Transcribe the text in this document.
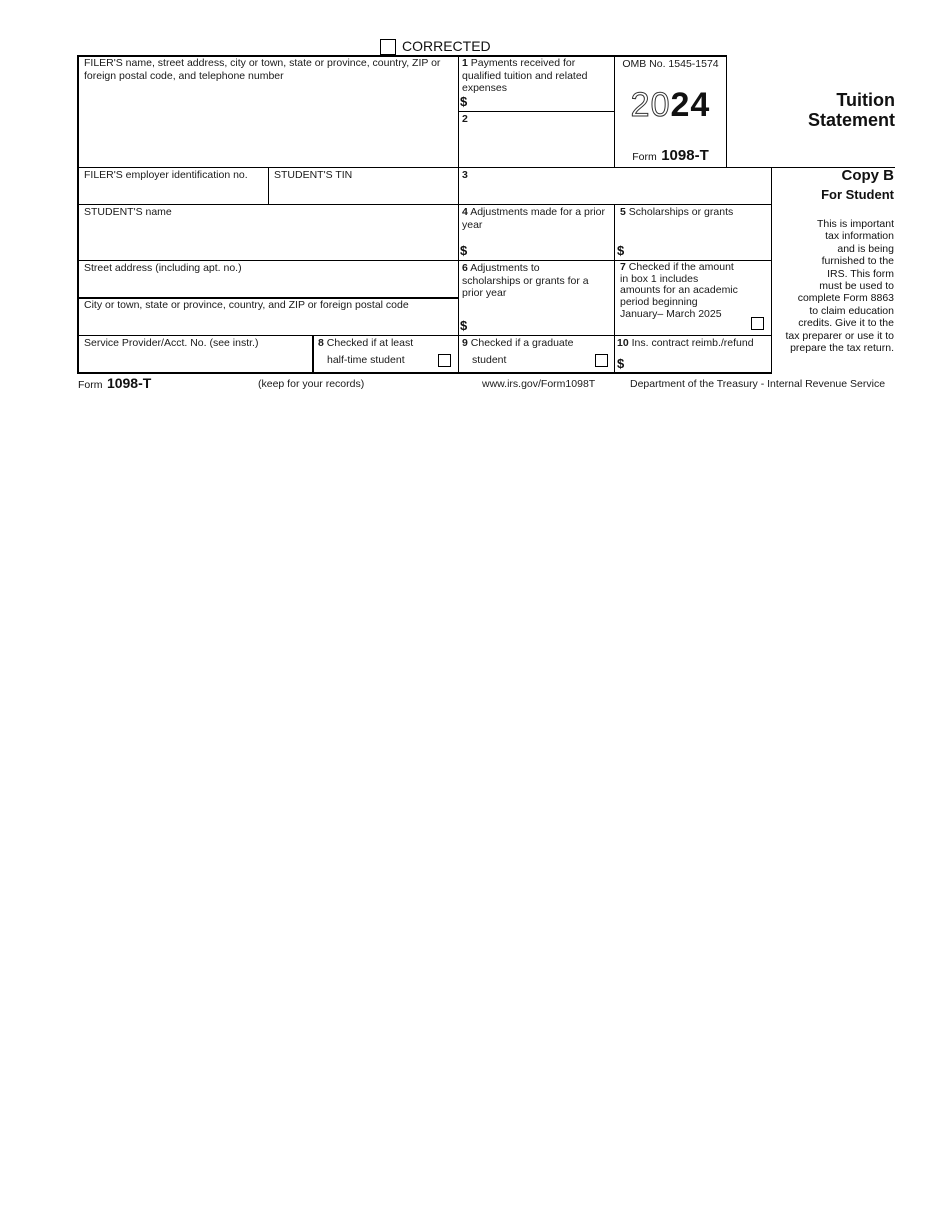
CORRECTED
FILER'S name, street address, city or town, state or province, country, ZIP or foreign postal code, and telephone number
1 Payments received for qualified tuition and related expenses
$
2
OMB No. 1545-1574
2024
Form 1098-T
Tuition
Statement
FILER'S employer identification no.	STUDENT'S TIN	3	Copy B
For Student
This is important
tax information
and is being
furnished to the
IRS. This form
must be used to
complete Form 8863
to claim education
credits. Give it to the
tax preparer or use it to
prepare the tax return.
STUDENT'S name	4 Adjustments made for a prior year
$
5 Scholarships or grants
$
Street address (including apt. no.)
City or town, state or province, country, and ZIP or foreign postal code
6 Adjustments to scholarships or grants for a prior year
$
7 Checked if the amount in box 1 includes amounts for an academic period beginning January– March 2025
Service Provider/Acct. No. (see instr.)	8 Checked if at least
half-time student
9 Checked if a graduate
student
10 Ins. contract reimb./refund
$
Form 1098-T	(keep for your records)	www.irs.gov/Form1098T	Department of the Treasury - Internal Revenue Service
